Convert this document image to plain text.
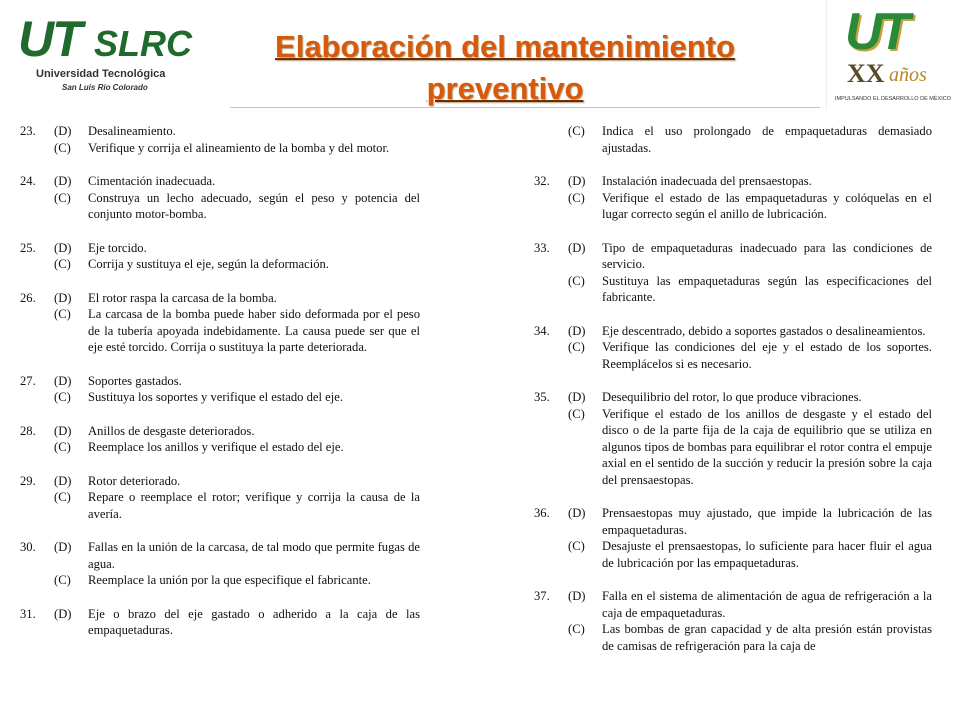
UT SLRC
Universidad Tecnológica
San Luis Río Colorado
Elaboración del mantenimiento
preventivo
UT
XX años
IMPULSANDO EL DESARROLLO DE MÉXICO
23. (D) Desalineamiento.
(C) Verifique y corrija el alineamiento de la bomba y del motor.
24. (D) Cimentación inadecuada.
(C) Construya un lecho adecuado, según el peso y potencia del conjunto motor-bomba.
25. (D) Eje torcido.
(C) Corrija y sustituya el eje, según la deformación.
26. (D) El rotor raspa la carcasa de la bomba.
(C) La carcasa de la bomba puede haber sido deformada por el peso de la tubería apoyada indebidamente. La causa puede ser que el eje esté torcido. Corrija o sustituya la parte deteriorada.
27. (D) Soportes gastados.
(C) Sustituya los soportes y verifique el estado del eje.
28. (D) Anillos de desgaste deteriorados.
(C) Reemplace los anillos y verifique el estado del eje.
29. (D) Rotor deteriorado.
(C) Repare o reemplace el rotor; verifique y corrija la causa de la avería.
30. (D) Fallas en la unión de la carcasa, de tal modo que permite fugas de agua.
(C) Reemplace la unión por la que especifique el fabricante.
31. (D) Eje o brazo del eje gastado o adherido a la caja de las empaquetaduras.
(C) Indica el uso prolongado de empaquetaduras demasiado ajustadas.
32. (D) Instalación inadecuada del prensaestopas.
(C) Verifique el estado de las empaquetaduras y colóquelas en el lugar correcto según el anillo de lubricación.
33. (D) Tipo de empaquetaduras inadecuado para las condiciones de servicio.
(C) Sustituya las empaquetaduras según las especificaciones del fabricante.
34. (D) Eje descentrado, debido a soportes gastados o desalineamientos.
(C) Verifique las condiciones del eje y el estado de los soportes. Reemplácelos si es necesario.
35. (D) Desequilibrio del rotor, lo que produce vibraciones.
(C) Verifique el estado de los anillos de desgaste y el estado del disco o de la parte fija de la caja de equilibrio que se utiliza en algunos tipos de bombas para equilibrar el rotor contra el empuje axial en el sentido de la succión y reducir la presión sobre la caja del prensaestopas.
36. (D) Prensaestopas muy ajustado, que impide la lubricación de las empaquetaduras.
(C) Desajuste el prensaestopas, lo suficiente para hacer fluir el agua de lubricación por las empaquetaduras.
37. (D) Falla en el sistema de alimentación de agua de refrigeración a la caja de empaquetaduras.
(C) Las bombas de gran capacidad y de alta presión están provistas de camisas de refrigeración para la caja de
